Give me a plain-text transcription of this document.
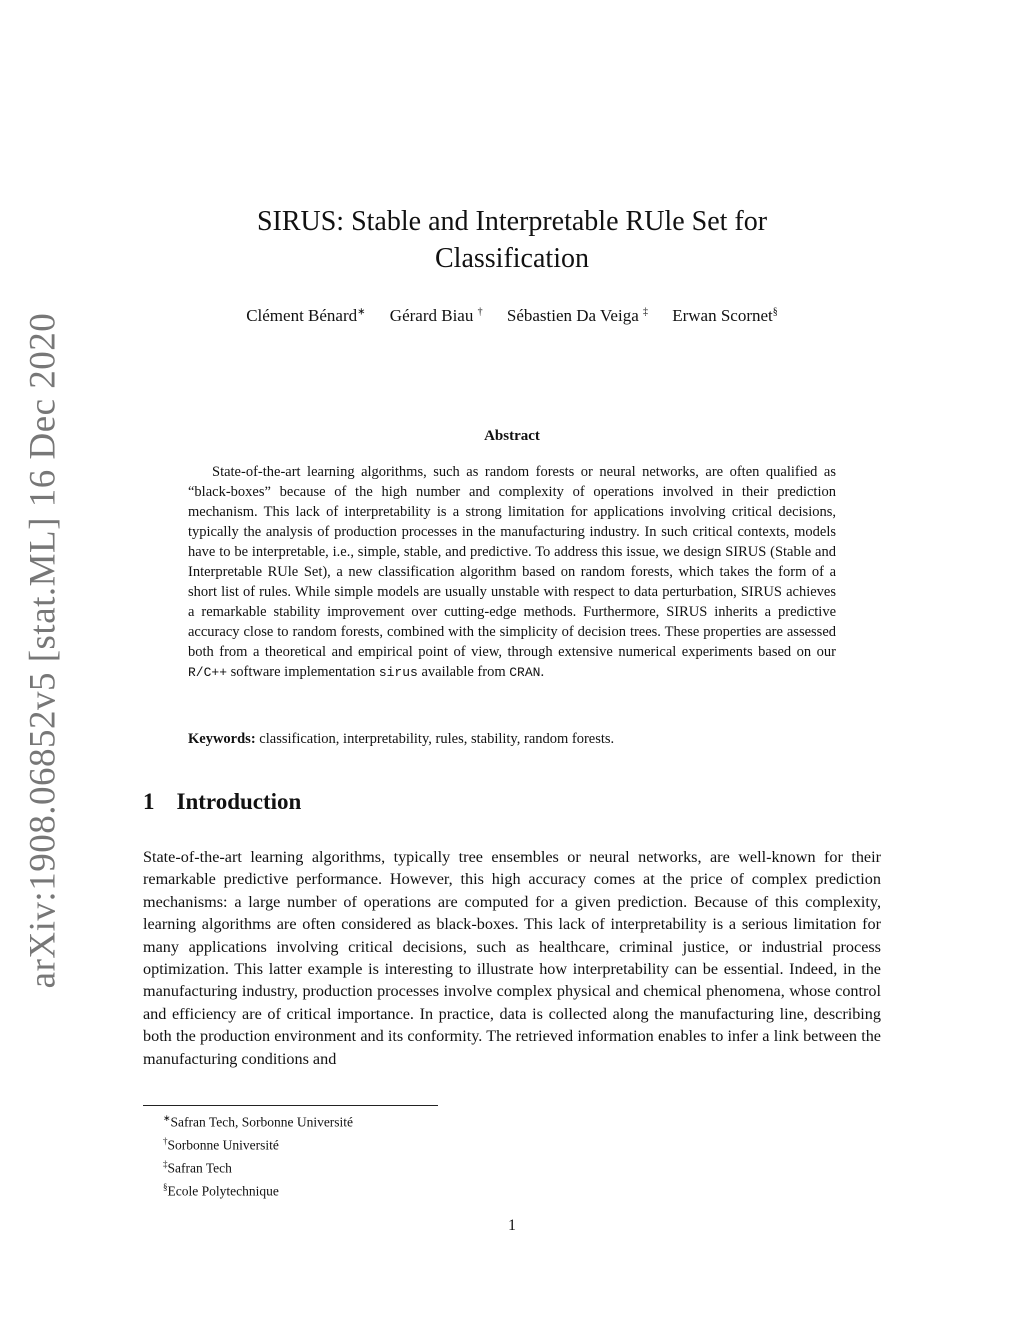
arXiv:1908.06852v5 [stat.ML] 16 Dec 2020
SIRUS: Stable and Interpretable RUle Set for
Classification
Clément Bénard∗ Gérard Biau † Sébastien Da Veiga ‡ Erwan Scornet§
Abstract

State-of-the-art learning algorithms, such as random forests or neural networks, are often qualified as “black-boxes” because of the high number and complexity of operations involved in their prediction mechanism. This lack of interpretability is a strong limitation for applications involving critical decisions, typically the analysis of production processes in the manufacturing industry. In such critical contexts, models have to be interpretable, i.e., simple, stable, and predictive. To address this issue, we design SIRUS (Stable and Interpretable RUle Set), a new classification algorithm based on random forests, which takes the form of a short list of rules. While simple models are usually unstable with respect to data perturbation, SIRUS achieves a remarkable stability improvement over cutting-edge methods. Furthermore, SIRUS inherits a predictive accuracy close to random forests, combined with the simplicity of decision trees. These properties are assessed both from a theoretical and empirical point of view, through extensive numerical experiments based on our R/C++ software implementation sirus available from CRAN.

Keywords: classification, interpretability, rules, stability, random forests.
1 Introduction

State-of-the-art learning algorithms, typically tree ensembles or neural networks, are well-known for their remarkable predictive performance. However, this high accuracy comes at the price of complex prediction mechanisms: a large number of operations are computed for a given prediction. Because of this complexity, learning algorithms are often considered as black-boxes. This lack of interpretability is a serious limitation for many applications involving critical decisions, such as healthcare, criminal justice, or industrial process optimization. This latter example is interesting to illustrate how interpretability can be essential. Indeed, in the manufacturing industry, production processes involve complex physical and chemical phenomena, whose control and efficiency are of critical importance. In practice, data is collected along the manufacturing line, describing both the production environment and its conformity. The retrieved information enables to infer a link between the manufacturing conditions and

∗Safran Tech, Sorbonne Université
†Sorbonne Université
‡Safran Tech
§Ecole Polytechnique
1
